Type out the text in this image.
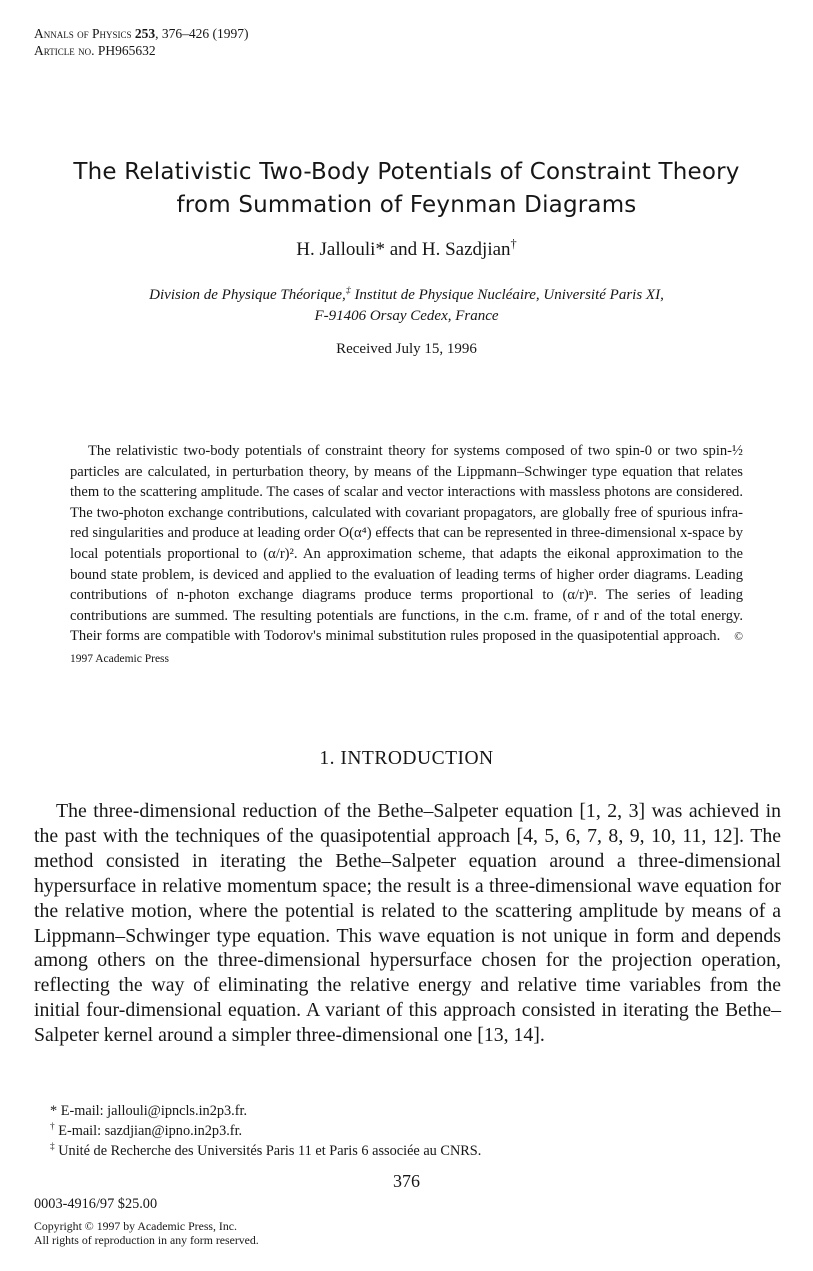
Annals of Physics 253, 376–426 (1997)
Article no. PH965632
The Relativistic Two-Body Potentials of Constraint Theory
from Summation of Feynman Diagrams
H. Jallouli* and H. Sazdjian†
Division de Physique Théorique,‡ Institut de Physique Nucléaire, Université Paris XI,
F-91406 Orsay Cedex, France
Received July 15, 1996
The relativistic two-body potentials of constraint theory for systems composed of two spin-0 or two spin-½ particles are calculated, in perturbation theory, by means of the Lippmann–Schwinger type equation that relates them to the scattering amplitude. The cases of scalar and vector interactions with massless photons are considered. The two-photon exchange contributions, calculated with covariant propagators, are globally free of spurious infra-red singularities and produce at leading order O(α⁴) effects that can be represented in three-dimensional x-space by local potentials proportional to (α/r)². An approximation scheme, that adapts the eikonal approximation to the bound state problem, is deviced and applied to the evaluation of leading terms of higher order diagrams. Leading contributions of n-photon exchange diagrams produce terms proportional to (α/r)ⁿ. The series of leading contributions are summed. The resulting potentials are functions, in the c.m. frame, of r and of the total energy. Their forms are compatible with Todorov's minimal substitution rules proposed in the quasipotential approach. © 1997 Academic Press
1. INTRODUCTION
The three-dimensional reduction of the Bethe–Salpeter equation [1, 2, 3] was achieved in the past with the techniques of the quasipotential approach [4, 5, 6, 7, 8, 9, 10, 11, 12]. The method consisted in iterating the Bethe–Salpeter equation around a three-dimensional hypersurface in relative momentum space; the result is a three-dimensional wave equation for the relative motion, where the potential is related to the scattering amplitude by means of a Lippmann–Schwinger type equation. This wave equation is not unique in form and depends among others on the three-dimensional hypersurface chosen for the projection operation, reflecting the way of eliminating the relative energy and relative time variables from the initial four-dimensional equation. A variant of this approach consisted in iterating the Bethe–Salpeter kernel around a simpler three-dimensional one [13, 14].
* E-mail: jallouli@ipncls.in2p3.fr.
† E-mail: sazdjian@ipno.in2p3.fr.
‡ Unité de Recherche des Universités Paris 11 et Paris 6 associée au CNRS.
376
0003-4916/97 $25.00
Copyright © 1997 by Academic Press, Inc.
All rights of reproduction in any form reserved.
